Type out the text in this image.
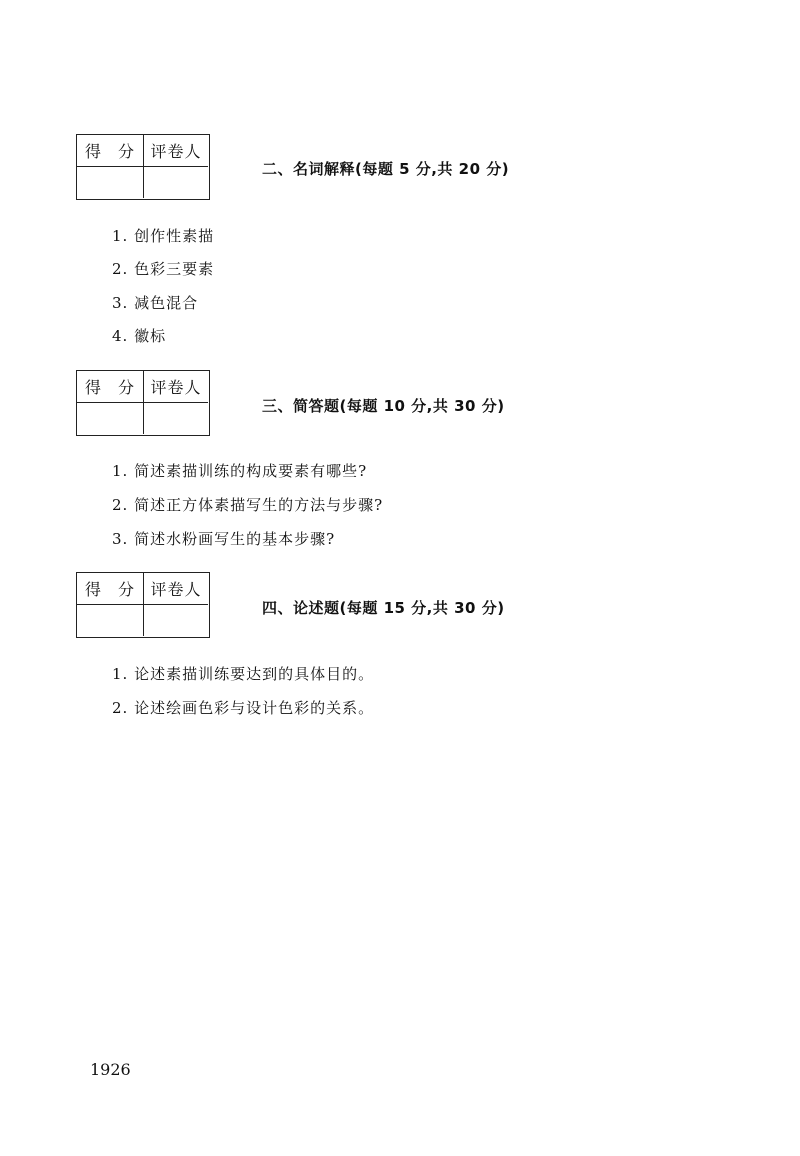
得 分 评卷人
二、名词解释(每题 5 分,共 20 分)
1. 创作性素描
2. 色彩三要素
3. 减色混合
4. 徽标
得 分 评卷人
三、简答题(每题 10 分,共 30 分)
1. 简述素描训练的构成要素有哪些?
2. 简述正方体素描写生的方法与步骤?
3. 简述水粉画写生的基本步骤?
得 分 评卷人
四、论述题(每题 15 分,共 30 分)
1. 论述素描训练要达到的具体目的。
2. 论述绘画色彩与设计色彩的关系。
1926
